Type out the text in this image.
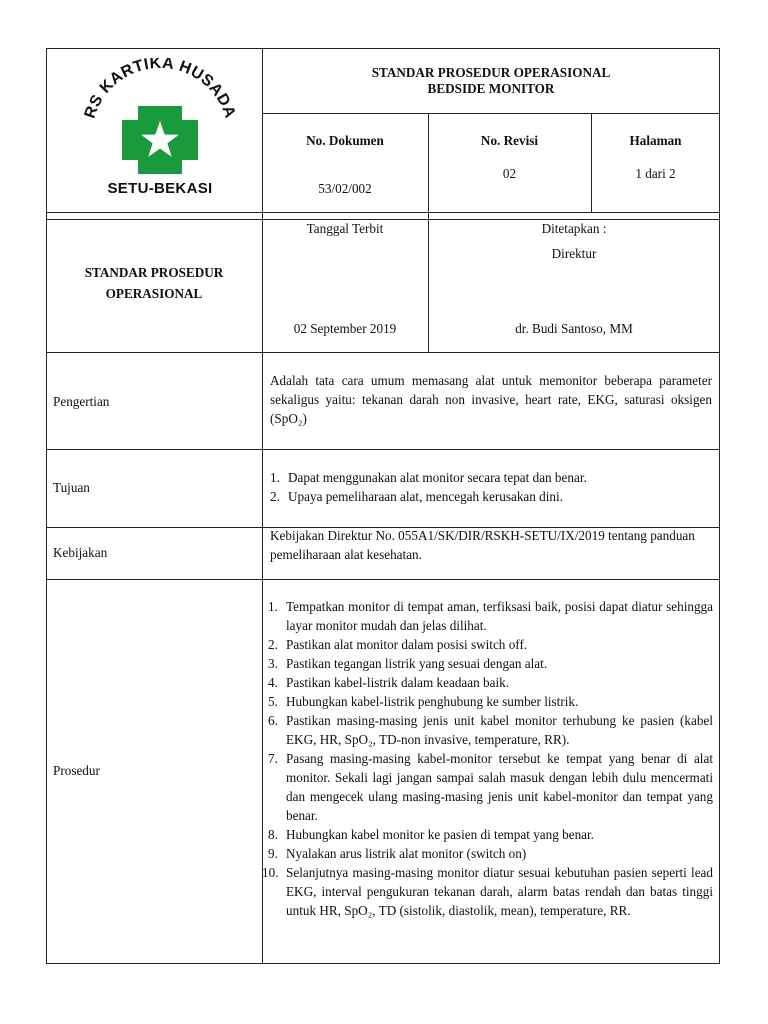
RS KARTIKA HUSADA
SETU-BEKASI
STANDAR PROSEDUR OPERASIONAL
BEDSIDE MONITOR
No. Dokumen
53/02/002
No. Revisi
02
Halaman
1 dari 2
STANDAR PROSEDUR
OPERASIONAL
Tanggal Terbit
02 September 2019
Ditetapkan :
Direktur
dr. Budi Santoso, MM
Pengertian
Adalah tata cara umum memasang alat untuk memonitor beberapa parameter sekaligus yaitu: tekanan darah non invasive, heart rate, EKG, saturasi oksigen (SpO₂)
Tujuan
1. Dapat menggunakan alat monitor secara tepat dan benar.
2. Upaya pemeliharaan alat, mencegah kerusakan dini.
Kebijakan
Kebijakan Direktur No. 055A1/SK/DIR/RSKH-SETU/IX/2019 tentang panduan pemeliharaan alat kesehatan.
Prosedur
1. Tempatkan monitor di tempat aman, terfiksasi baik, posisi dapat diatur sehingga layar monitor mudah dan jelas dilihat.
2. Pastikan alat monitor dalam posisi switch off.
3. Pastikan tegangan listrik yang sesuai dengan alat.
4. Pastikan kabel-listrik dalam keadaan baik.
5. Hubungkan kabel-listrik penghubung ke sumber listrik.
6. Pastikan masing-masing jenis unit kabel monitor terhubung ke pasien (kabel EKG, HR, SpO₂, TD-non invasive, temperature, RR).
7. Pasang masing-masing kabel-monitor tersebut ke tempat yang benar di alat monitor. Sekali lagi jangan sampai salah masuk dengan lebih dulu mencermati dan mengecek ulang masing-masing jenis unit kabel-monitor dan tempat yang benar.
8. Hubungkan kabel monitor ke pasien di tempat yang benar.
9. Nyalakan arus listrik alat monitor (switch on)
10. Selanjutnya masing-masing monitor diatur sesuai kebutuhan pasien seperti lead EKG, interval pengukuran tekanan darah, alarm batas rendah dan batas tinggi untuk HR, SpO₂, TD (sistolik, diastolik, mean), temperature, RR.
